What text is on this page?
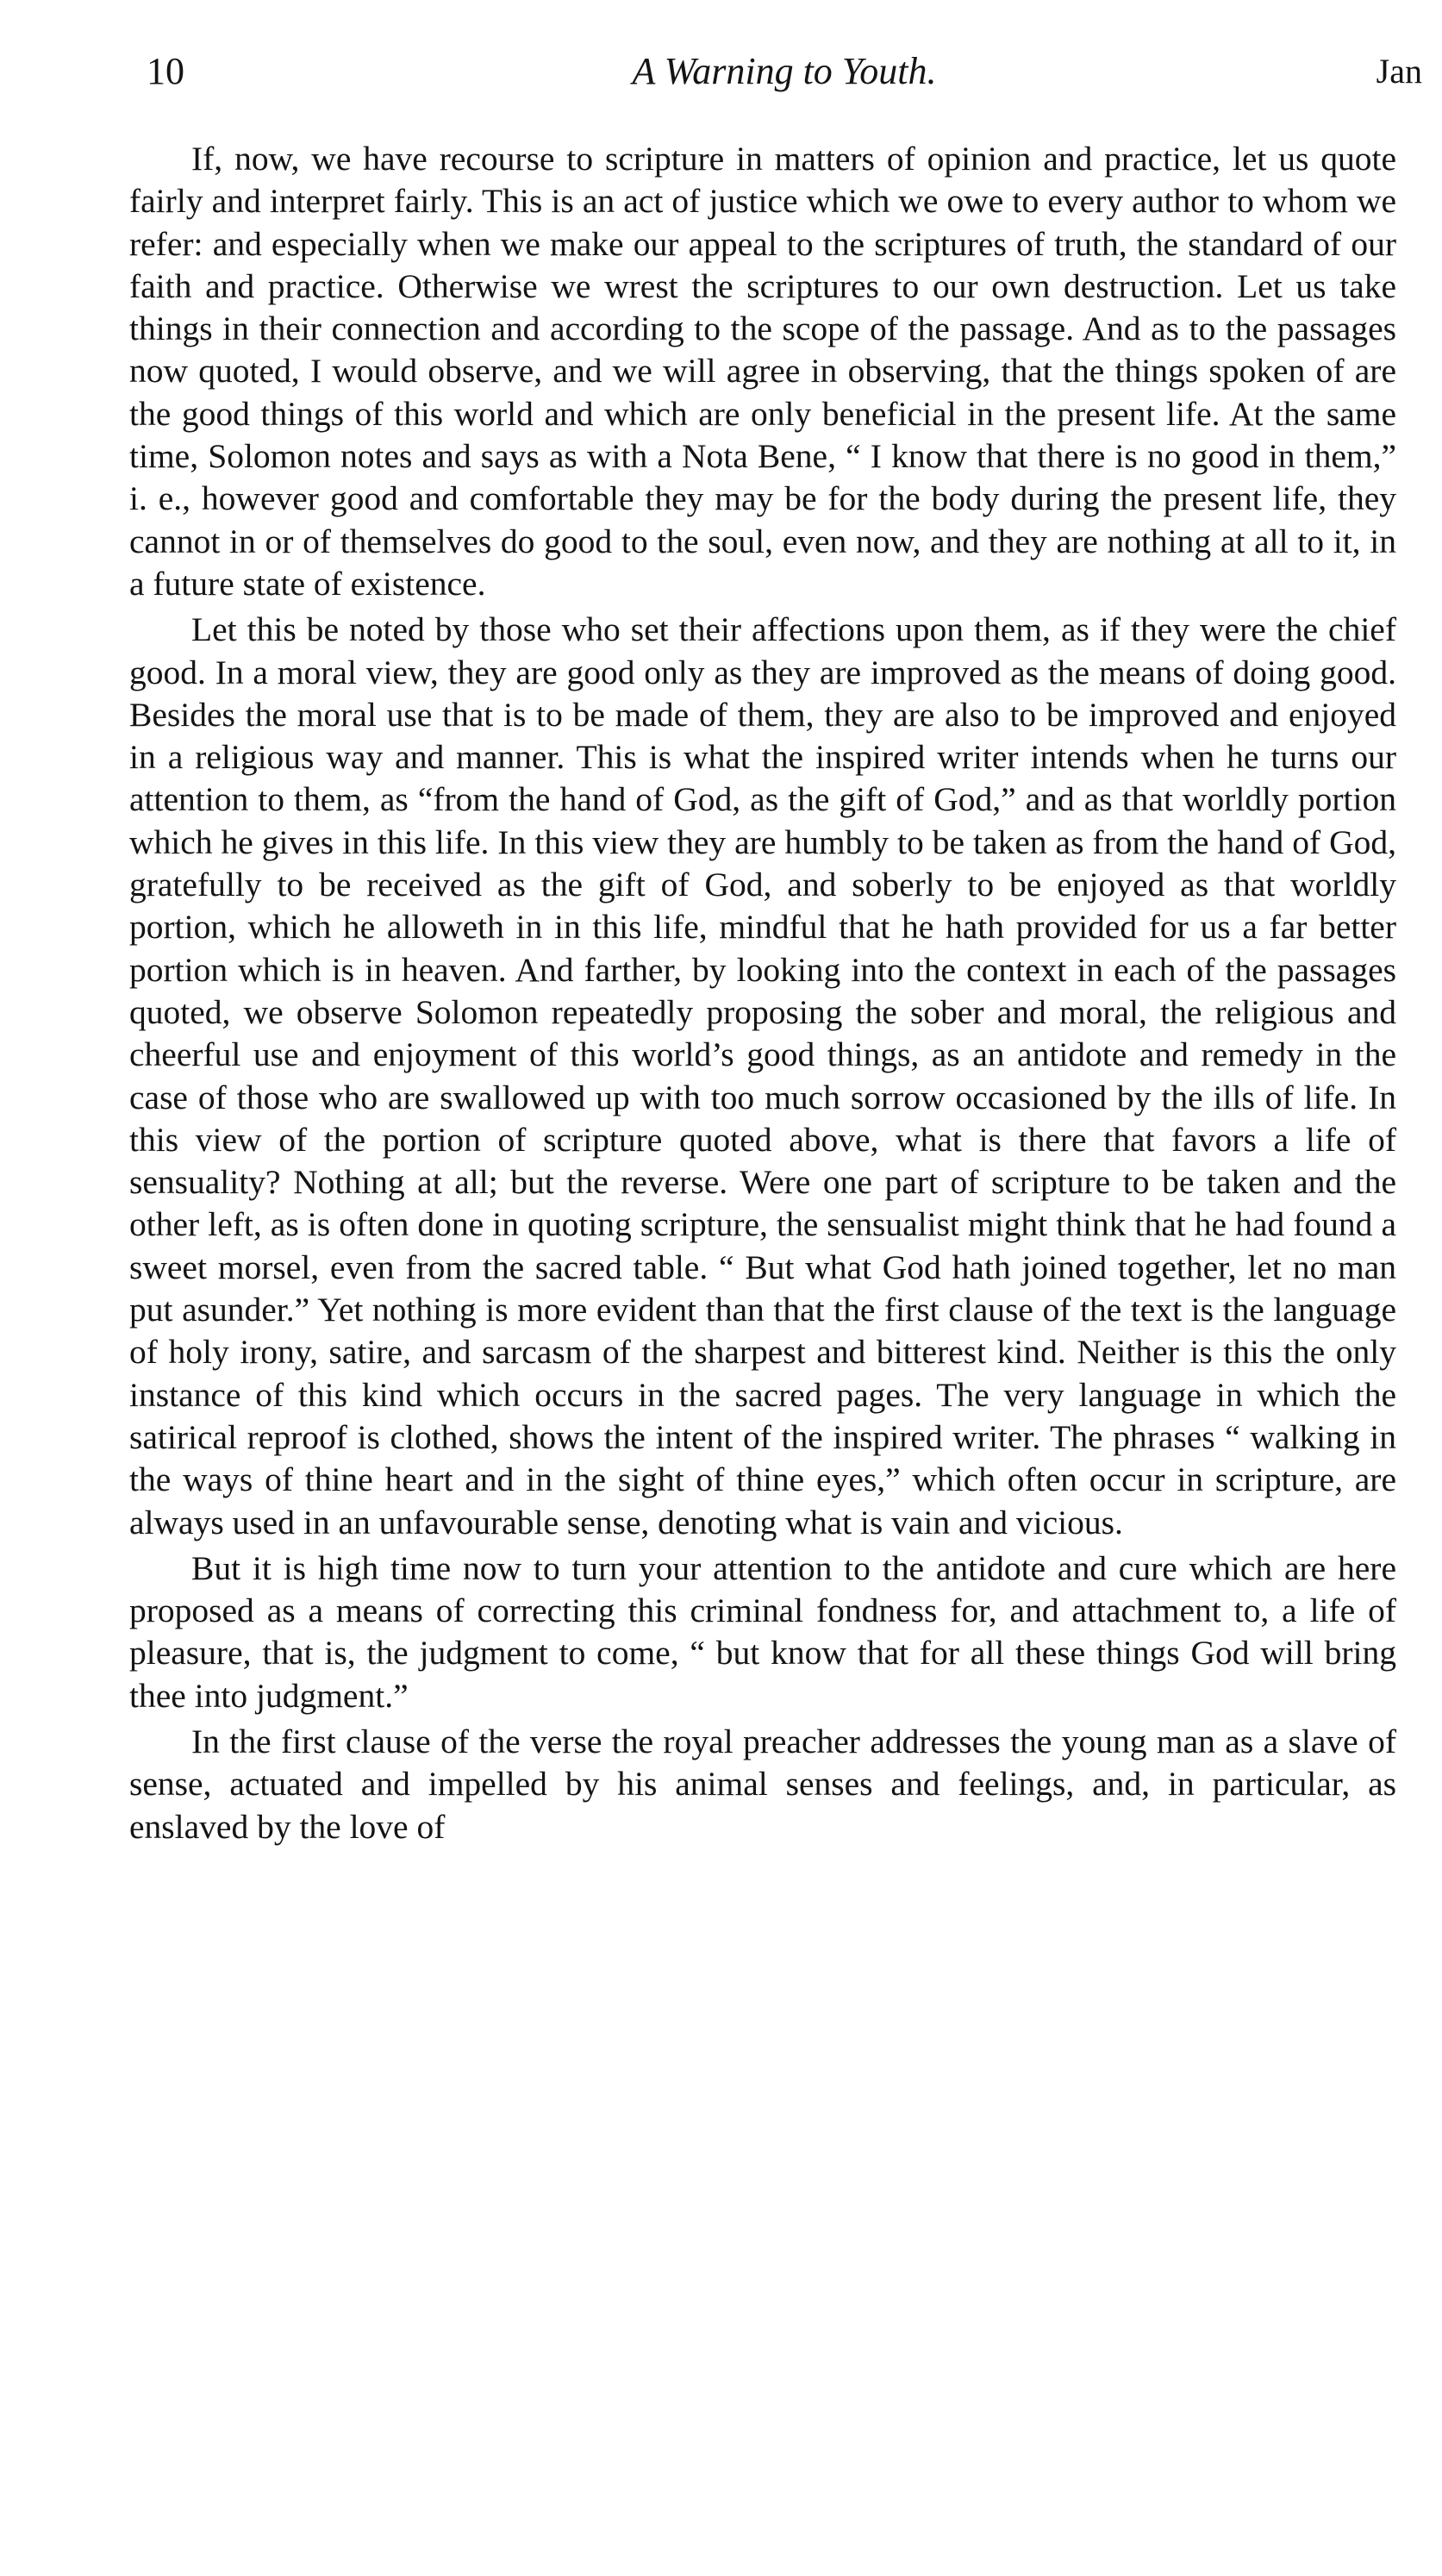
10	A Warning to Youth.	Jan

If, now, we have recourse to scripture in matters of opinion and practice, let us quote fairly and interpret fairly. This is an act of justice which we owe to every author to whom we refer: and especially when we make our appeal to the scriptures of truth, the standard of our faith and practice. Otherwise we wrest the scriptures to our own destruction. Let us take things in their connection and according to the scope of the passage. And as to the passages now quoted, I would observe, and we will agree in observing, that the things spoken of are the good things of this world and which are only beneficial in the present life. At the same time, Solomon notes and says as with a Nota Bene, “ I know that there is no good in them,” i. e., however good and comfortable they may be for the body during the present life, they cannot in or of themselves do good to the soul, even now, and they are nothing at all to it, in a future state of existence.

Let this be noted by those who set their affections upon them, as if they were the chief good. In a moral view, they are good only as they are improved as the means of doing good. Besides the moral use that is to be made of them, they are also to be improved and enjoyed in a religious way and manner. This is what the inspired writer intends when he turns our attention to them, as “from the hand of God, as the gift of God,” and as that worldly portion which he gives in this life. In this view they are humbly to be taken as from the hand of God, gratefully to be received as the gift of God, and soberly to be enjoyed as that worldly portion, which he alloweth in in this life, mindful that he hath provided for us a far better portion which is in heaven. And farther, by looking into the context in each of the passages quoted, we observe Solomon repeatedly proposing the sober and moral, the religious and cheerful use and enjoyment of this world’s good things, as an antidote and remedy in the case of those who are swallowed up with too much sorrow occasioned by the ills of life. In this view of the portion of scripture quoted above, what is there that favors a life of sensuality? Nothing at all; but the reverse. Were one part of scripture to be taken and the other left, as is often done in quoting scripture, the sensualist might think that he had found a sweet morsel, even from the sacred table. “ But what God hath joined together, let no man put asunder.” Yet nothing is more evident than that the first clause of the text is the language of holy irony, satire, and sarcasm of the sharpest and bitterest kind. Neither is this the only instance of this kind which occurs in the sacred pages. The very language in which the satirical reproof is clothed, shows the intent of the inspired writer. The phrases “ walking in the ways of thine heart and in the sight of thine eyes,” which often occur in scripture, are always used in an unfavourable sense, denoting what is vain and vicious.

But it is high time now to turn your attention to the antidote and cure which are here proposed as a means of correcting this criminal fondness for, and attachment to, a life of pleasure, that is, the judgment to come, “ but know that for all these things God will bring thee into judgment.”

In the first clause of the verse the royal preacher addresses the young man as a slave of sense, actuated and impelled by his animal senses and feelings, and, in particular, as enslaved by the love of
